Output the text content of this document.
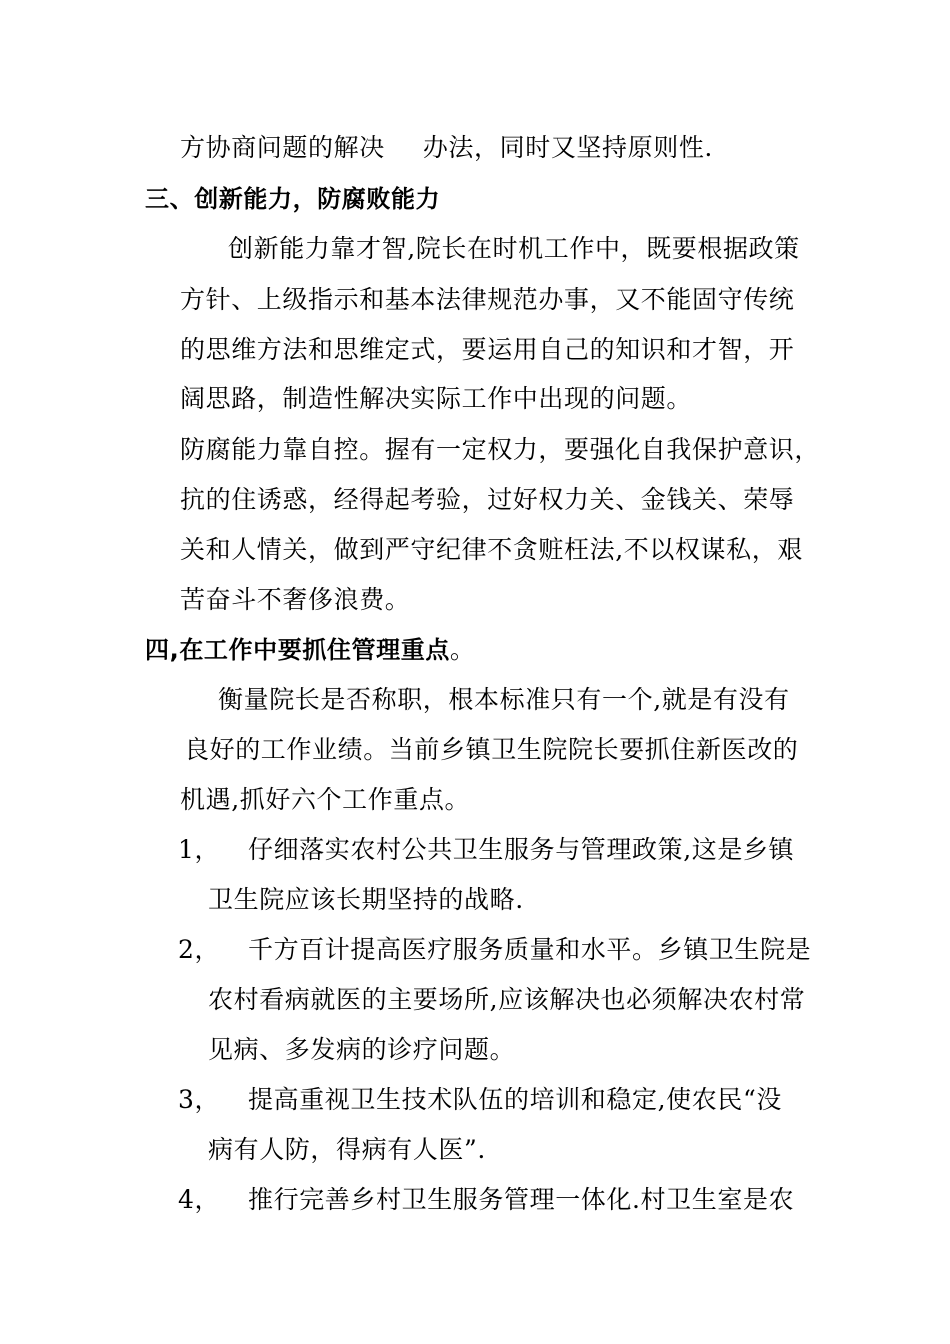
方协商问题的解决 办法，同时又坚持原则性.
三、创新能力，防腐败能力
创新能力靠才智,院长在时机工作中，既要根据政策
方针、上级指示和基本法律规范办事，又不能固守传统
的思维方法和思维定式，要运用自己的知识和才智，开
阔思路，制造性解决实际工作中出现的问题。
防腐能力靠自控。握有一定权力，要强化自我保护意识，
抗的住诱惑，经得起考验，过好权力关、金钱关、荣辱
关和人情关，做到严守纪律不贪赃枉法,不以权谋私，艰
苦奋斗不奢侈浪费。
四,在工作中要抓住管理重点。
衡量院长是否称职，根本标准只有一个,就是有没有
良好的工作业绩。当前乡镇卫生院院长要抓住新医改的
机遇,抓好六个工作重点。
1， 仔细落实农村公共卫生服务与管理政策,这是乡镇
卫生院应该长期坚持的战略.
2， 千方百计提高医疗服务质量和水平。乡镇卫生院是
农村看病就医的主要场所,应该解决也必须解决农村常
见病、多发病的诊疗问题。
3， 提高重视卫生技术队伍的培训和稳定,使农民“没
病有人防，得病有人医”.
4， 推行完善乡村卫生服务管理一体化.村卫生室是农
